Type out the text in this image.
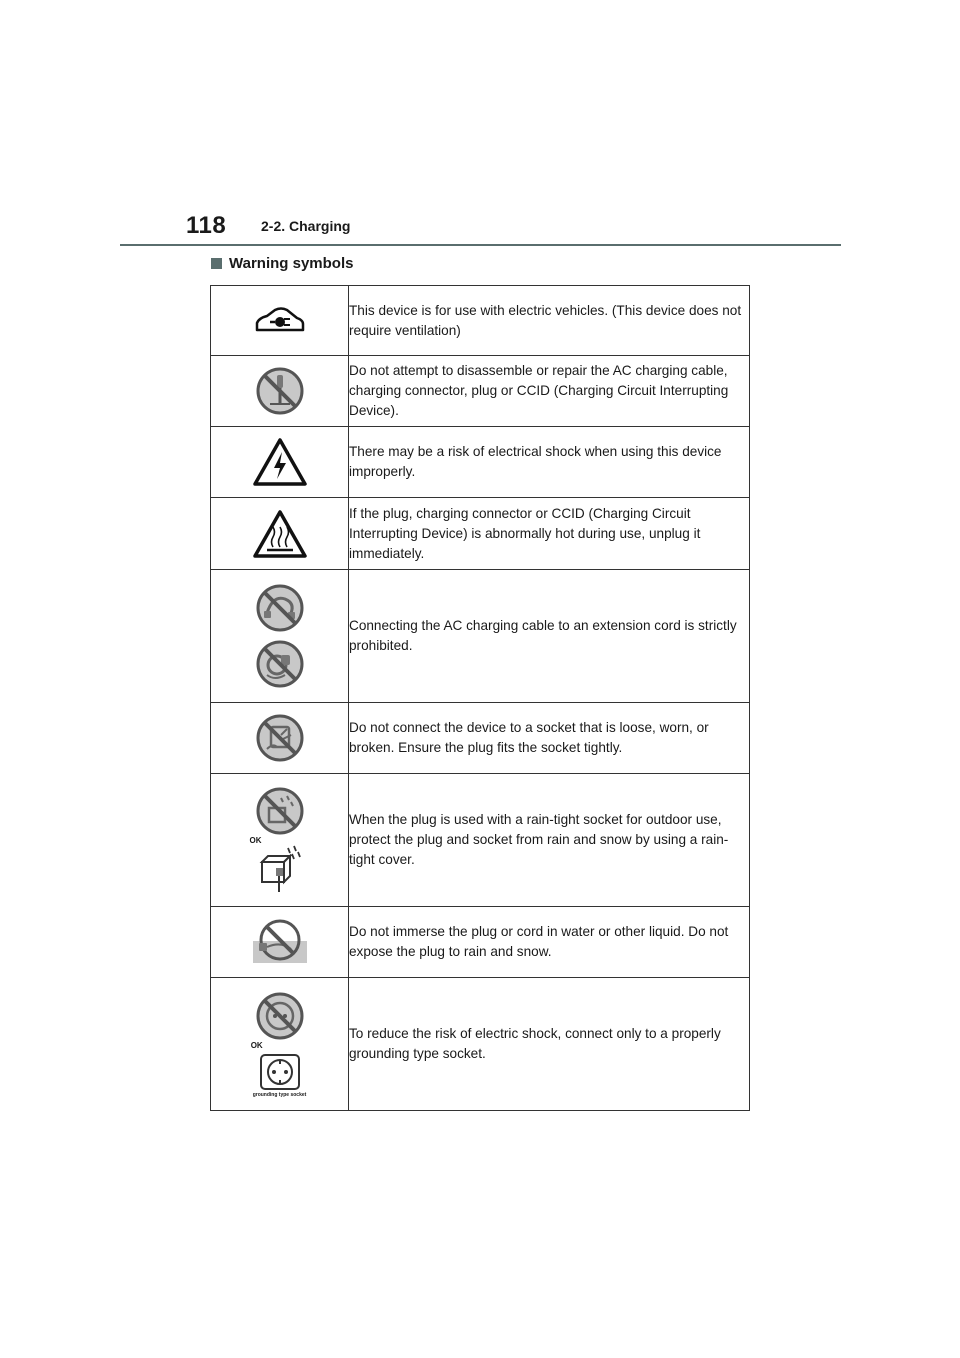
118 2-2. Charging
Warning symbols
	This device is for use with electric vehicles. (This device does not require ventilation)

	Do not attempt to disassemble or repair the AC charging cable, charging connector, plug or CCID (Charging Circuit Interrupting Device).

	There may be a risk of electrical shock when using this device improperly.

	If the plug, charging connector or CCID (Charging Circuit Interrupting Device) is abnormally hot during use, unplug it immediately.

	Connecting the AC charging cable to an extension cord is strictly prohibited.

	Do not connect the device to a socket that is loose, worn, or broken. Ensure the plug fits the socket tightly.

OK	When the plug is used with a rain-tight socket for outdoor use, protect the plug and socket from rain and snow by using a rain-tight cover.

	Do not immerse the plug or cord in water or other liquid. Do not expose the plug to rain and snow.

OK
grounding type socket	To reduce the risk of electric shock, connect only to a properly grounding type socket.
